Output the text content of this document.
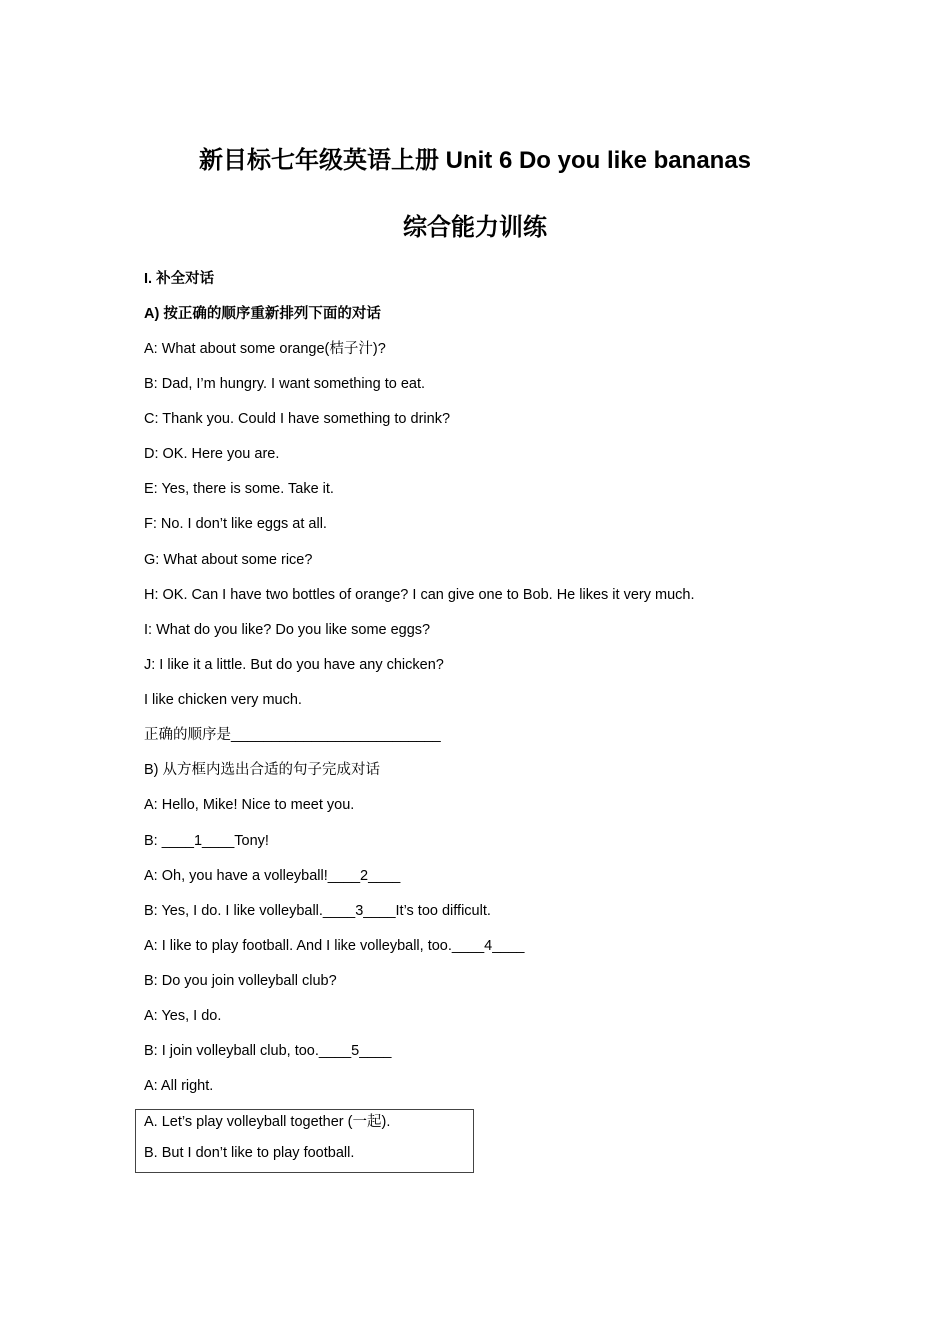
新目标七年级英语上册 Unit 6 Do you like bananas
综合能力训练
I. 补全对话
A) 按正确的顺序重新排列下面的对话
A: What about some orange(桔子汁)?
B: Dad, I’m hungry. I want something to eat.
C: Thank you. Could I have something to drink?
D: OK. Here you are.
E: Yes, there is some. Take it.
F: No. I don’t like eggs at all.
G: What about some rice?
H: OK. Can I have two bottles of orange? I can give one to Bob. He likes it very much.
I: What do you like? Do you like some eggs?
J: I like it a little. But do you have any chicken?
I like chicken very much.
正确的顺序是__________________________
B) 从方框内选出合适的句子完成对话
A: Hello, Mike! Nice to meet you.
B: ____1____Tony!
A: Oh, you have a volleyball!____2____
B: Yes, I do. I like volleyball.____3____It’s too difficult.
A: I like to play football. And I like volleyball, too.____4____
B: Do you join volleyball club?
A: Yes, I do.
B: I join volleyball club, too.____5____
A: All right.
A. Let’s play volleyball together (一起).
B. But I don’t like to play football.
